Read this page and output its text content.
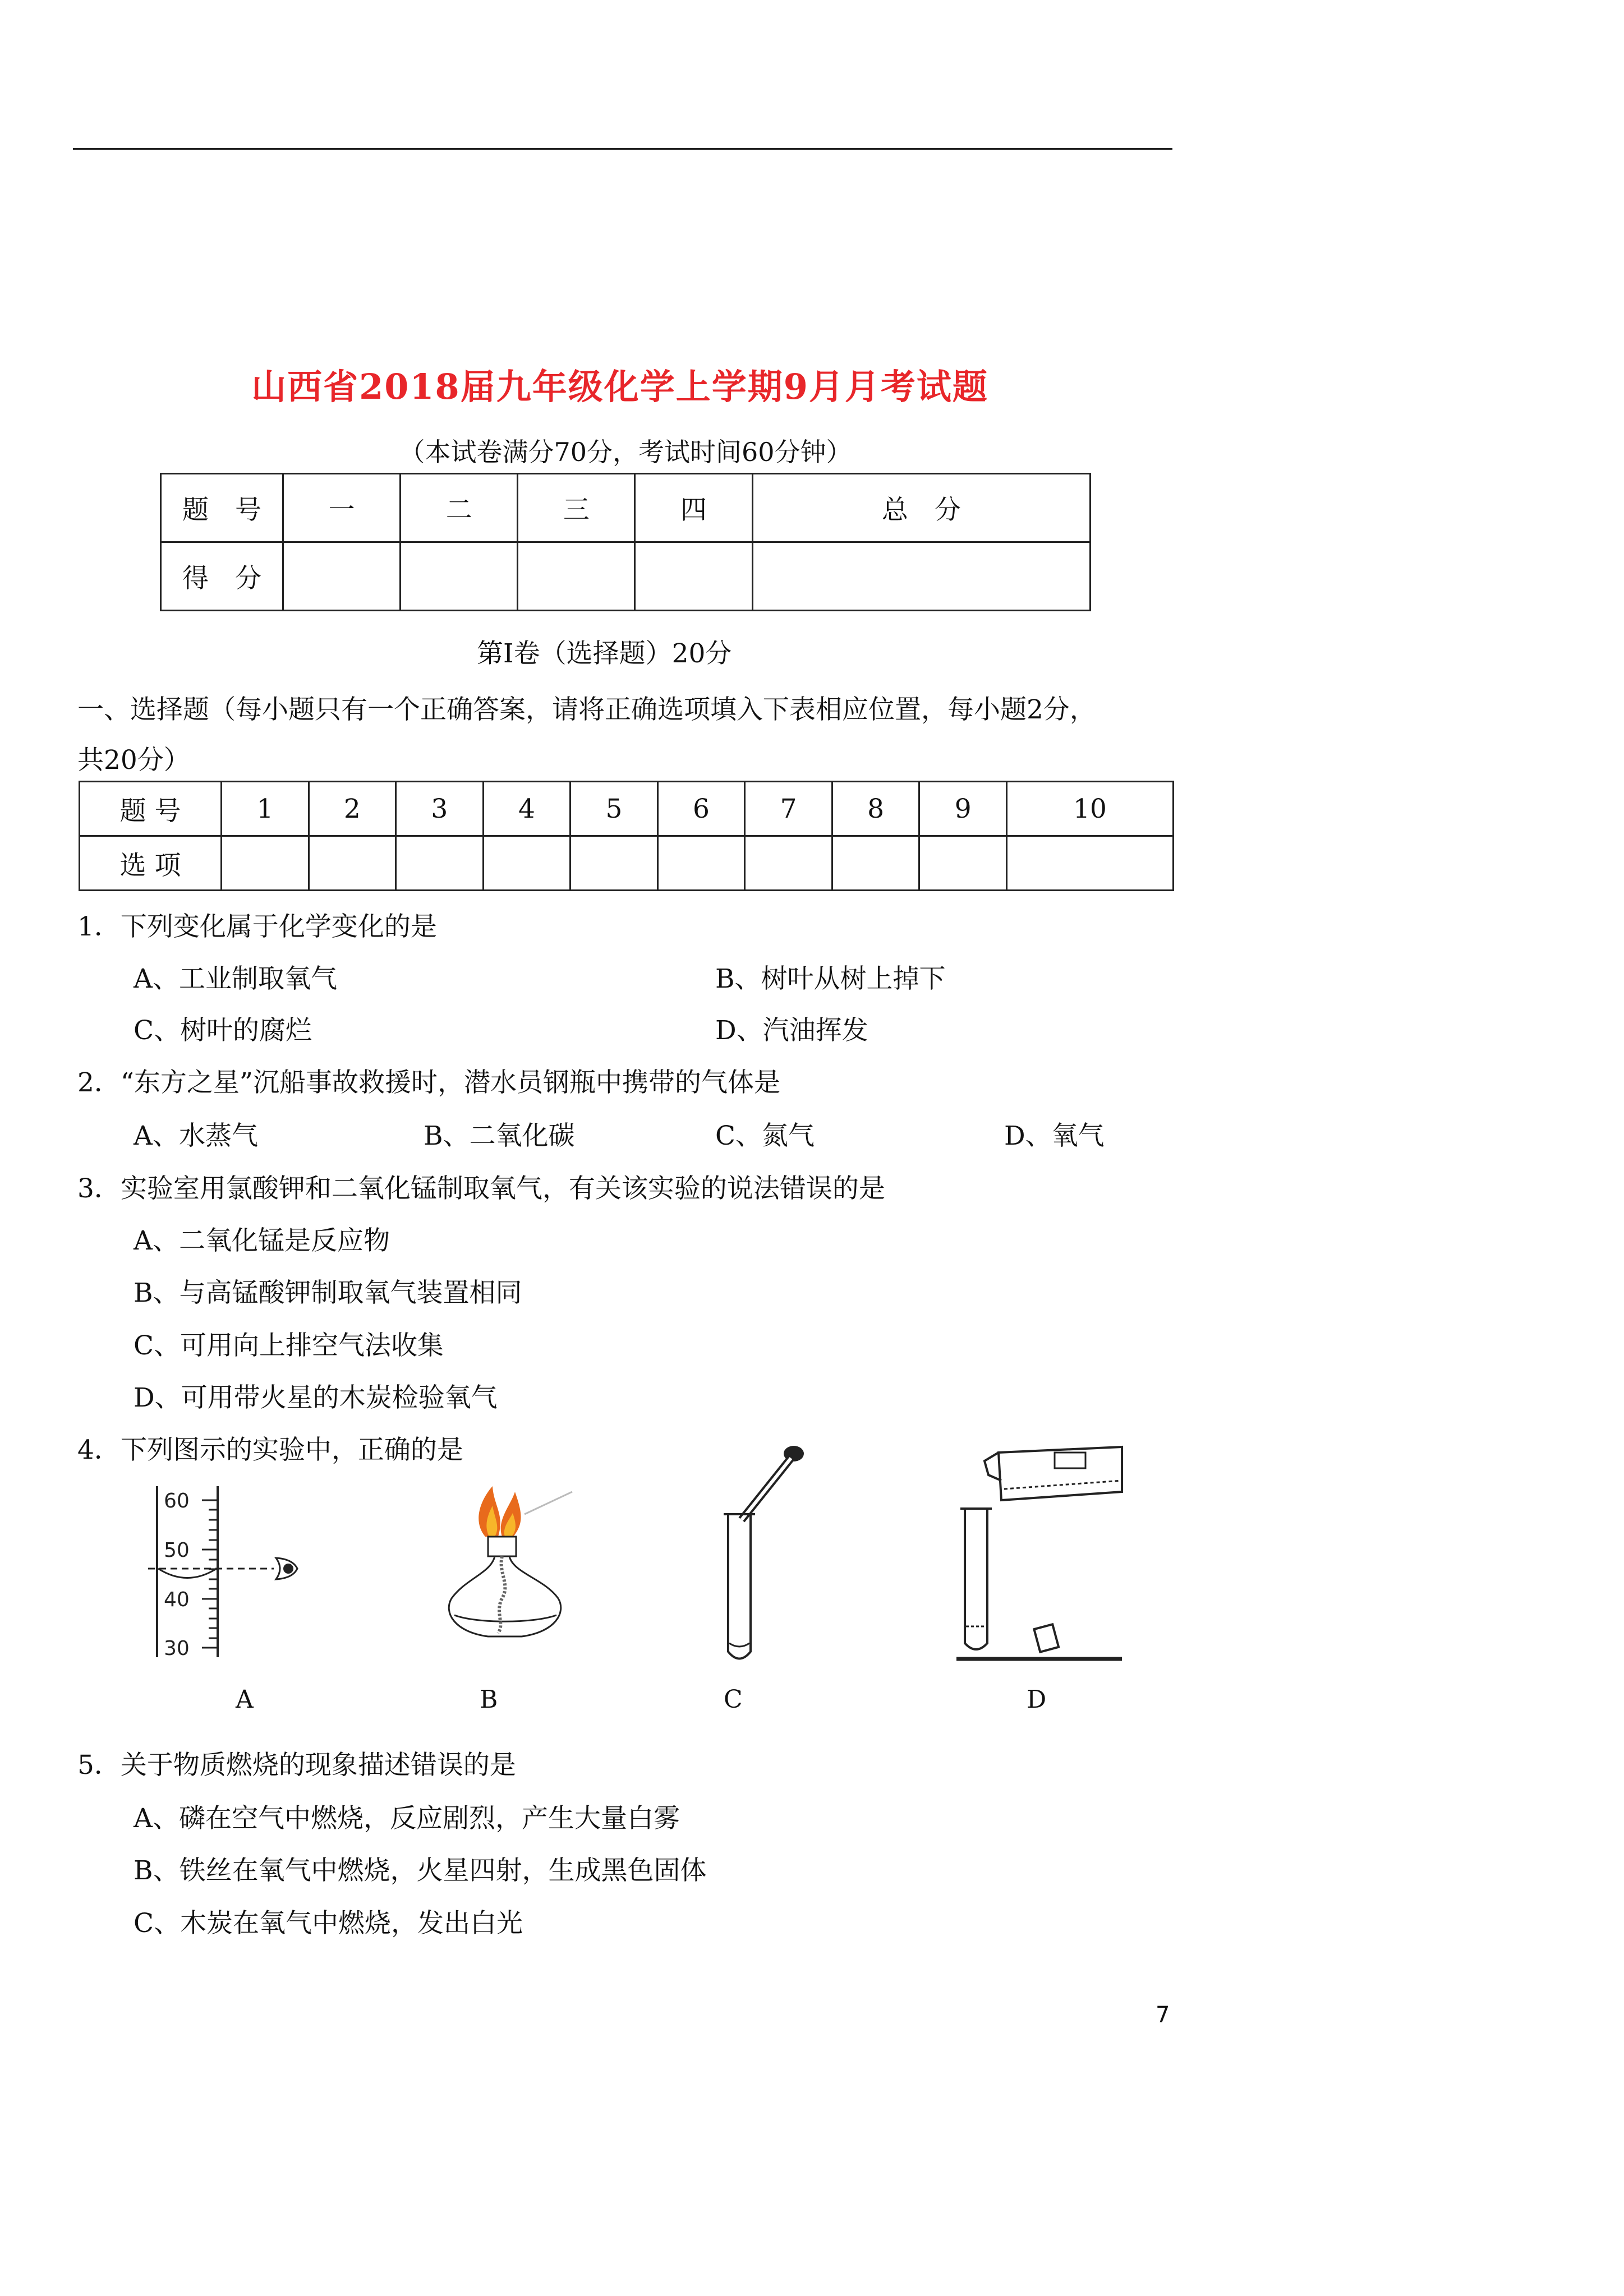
山西省2018届九年级化学上学期9月月考试题
（本试卷满分70分，考试时间60分钟）
题　号	一	二	三	四	总　分
得　分					
第Ⅰ卷（选择题）20分
一、选择题（每小题只有一个正确答案，请将正确选项填入下表相应位置，每小题2分，
共20分）
题 号	1	2	3	4	5	6	7	8	9	10
选 项										
1．下列变化属于化学变化的是
A、工业制取氧气	B、树叶从树上掉下
C、树叶的腐烂	D、汽油挥发
2．“东方之星”沉船事故救援时，潜水员钢瓶中携带的气体是
A、水蒸气	B、二氧化碳	C、氮气	D、氧气
3．实验室用氯酸钾和二氧化锰制取氧气，有关该实验的说法错误的是
A、二氧化锰是反应物
B、与高锰酸钾制取氧气装置相同
C、可用向上排空气法收集
D、可用带火星的木炭检验氧气
4．下列图示的实验中，正确的是
60
50
40
30
A	B	C	D
5．关于物质燃烧的现象描述错误的是
A、磷在空气中燃烧，反应剧烈，产生大量白雾
B、铁丝在氧气中燃烧，火星四射，生成黑色固体
C、木炭在氧气中燃烧，发出白光
7
